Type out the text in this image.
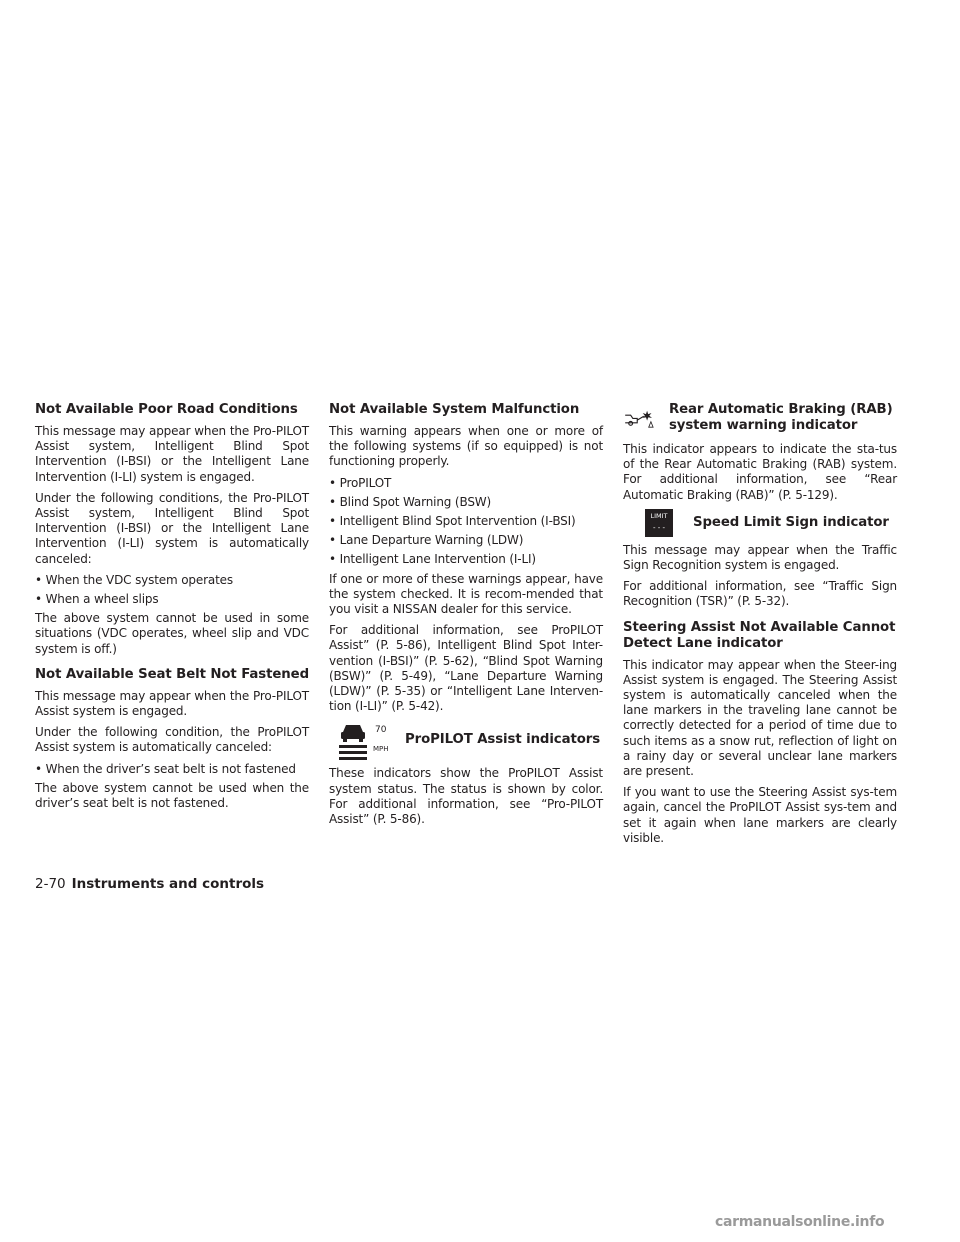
Not Available Poor Road Conditions

This message may appear when the Pro-PILOT Assist system, Intelligent Blind Spot Intervention (I-BSI) or the Intelligent Lane Intervention (I-LI) system is engaged.

Under the following conditions, the Pro-PILOT Assist system, Intelligent Blind Spot Intervention (I-BSI) or the Intelligent Lane Intervention (I-LI) system is automatically canceled:

• When the VDC system operates

• When a wheel slips

The above system cannot be used in some situations (VDC operates, wheel slip and VDC system is off.)

Not Available Seat Belt Not Fastened

This message may appear when the Pro-PILOT Assist system is engaged.

Under the following condition, the ProPILOT Assist system is automatically canceled:

• When the driver’s seat belt is not fastened

The above system cannot be used when the driver’s seat belt is not fastened.

Not Available System Malfunction

This warning appears when one or more of the following systems (if so equipped) is not functioning properly.

• ProPILOT

• Blind Spot Warning (BSW)

• Intelligent Blind Spot Intervention (I-BSI)

• Lane Departure Warning (LDW)

• Intelligent Lane Intervention (I-LI)

If one or more of these warnings appear, have the system checked. It is recom-mended that you visit a NISSAN dealer for this service.

For additional information, see ProPILOT Assist” (P. 5-86), Intelligent Blind Spot Inter-vention (I-BSI)” (P. 5-62), “Blind Spot Warning (BSW)” (P. 5-49), “Lane Departure Warning (LDW)” (P. 5-35) or “Intelligent Lane Interven-tion (I-LI)” (P. 5-42).

70
MPH
ProPILOT Assist indicators

These indicators show the ProPILOT Assist system status. The status is shown by color. For additional information, see “Pro-PILOT Assist” (P. 5-86).

Rear Automatic Braking (RAB) system warning indicator

This indicator appears to indicate the sta-tus of the Rear Automatic Braking (RAB) system. For additional information, see “Rear Automatic Braking (RAB)” (P. 5-129).

LIMIT
- - - Speed Limit Sign indicator

This message may appear when the Traffic Sign Recognition system is engaged.

For additional information, see “Traffic Sign Recognition (TSR)” (P. 5-32).

Steering Assist Not Available Cannot Detect Lane indicator

This indicator may appear when the Steer-ing Assist system is engaged. The Steering Assist system is automatically canceled when the lane markers in the traveling lane cannot be correctly detected for a period of time due to such items as a snow rut, reflection of light on a rainy day or several unclear lane markers are present.

If you want to use the Steering Assist sys-tem again, cancel the ProPILOT Assist sys-tem and set it again when lane markers are clearly visible.

2-70 Instruments and controls
carmanualsonline.info
